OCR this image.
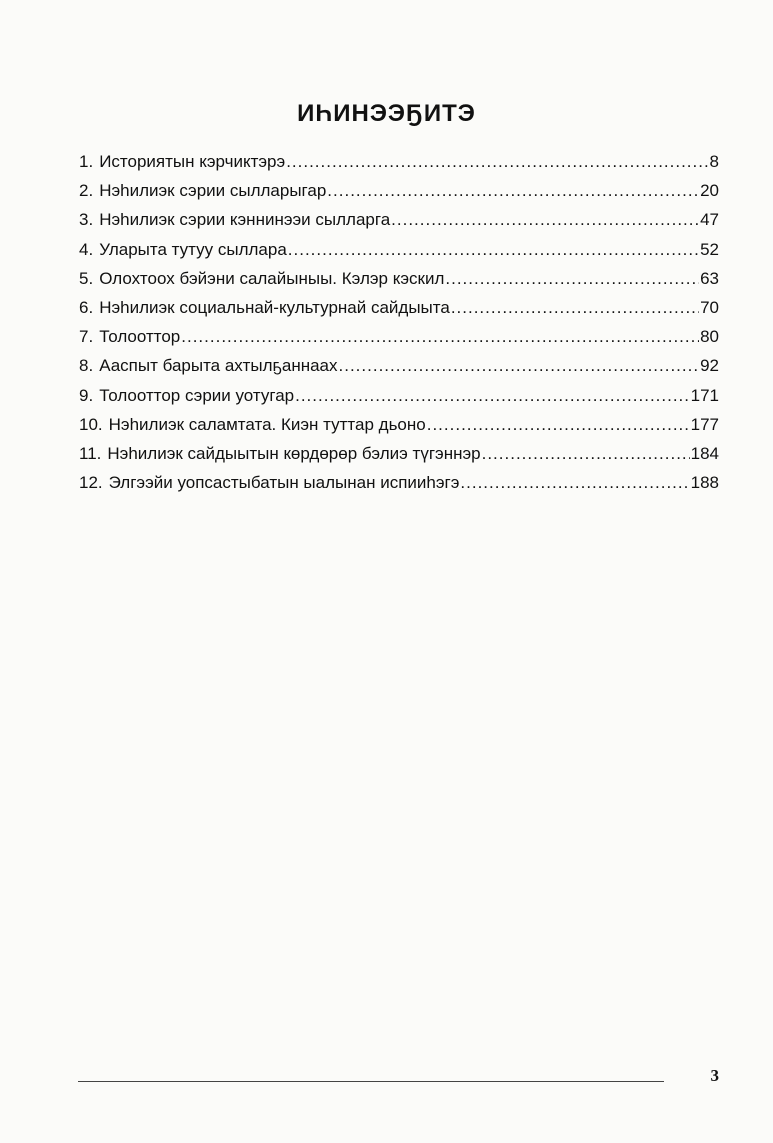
ИҺИНЭЭҔИТЭ
1. Историятын кэрчиктэрэ .....	8
2. Нэһилиэк сэрии сылларыгар .....	20
3. Нэһилиэк сэрии кэннинээи сылларга .....	47
4. Уларыта тутуу сыллара .....	52
5. Олохтоох бэйэни салайыныы. Кэлэр кэскил .....	63
6. Нэһилиэк социальнай-культурнай сайдыыта .....	70
7. Толооттор .....	80
8. Ааспыт барыта ахтылҕаннаах .....	92
9. Толооттор сэрии уотугар .....	171
10. Нэһилиэк саламтата. Киэн туттар дьоно .....	177
11. Нэһилиэк сайдыытын көрдөрөр бэлиэ түгэннэр .....	184
12. Элгээйи уопсастыбатын ыалынан испииһэгэ .....	188
3
